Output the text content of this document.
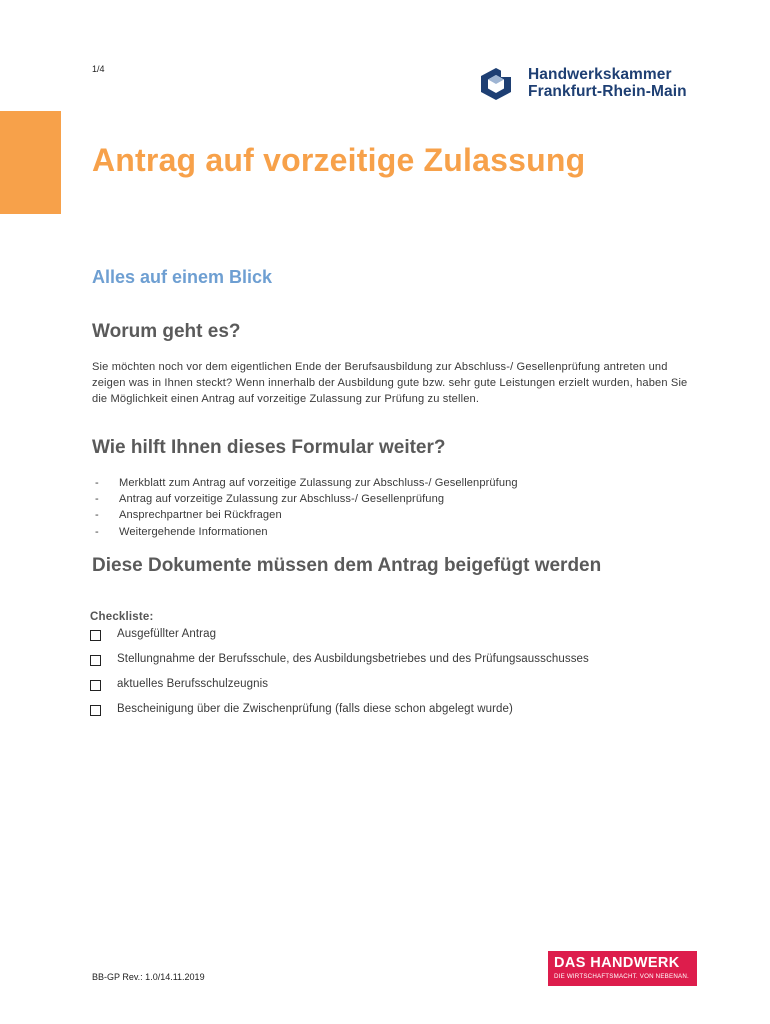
1/4	Handwerkskammer
Frankfurt-Rhein-Main
Antrag auf vorzeitige Zulassung
Alles auf einem Blick
Worum geht es?

Sie möchten noch vor dem eigentlichen Ende der Berufsausbildung zur Abschluss-/ Gesellenprüfung antreten und zeigen was in Ihnen steckt? Wenn innerhalb der Ausbildung gute bzw. sehr gute Leistungen erzielt wurden, haben Sie die Möglichkeit einen Antrag auf vorzeitige Zulassung zur Prüfung zu stellen.

Wie hilft Ihnen dieses Formular weiter?
- Merkblatt zum Antrag auf vorzeitige Zulassung zur Abschluss-/ Gesellenprüfung
- Antrag auf vorzeitige Zulassung zur Abschluss-/ Gesellenprüfung
- Ansprechpartner bei Rückfragen
- Weitergehende Informationen
Diese Dokumente müssen dem Antrag beigefügt werden
Checkliste:
Ausgefüllter Antrag
Stellungnahme der Berufsschule, des Ausbildungsbetriebes und des Prüfungsausschusses
aktuelles Berufsschulzeugnis
Bescheinigung über die Zwischenprüfung (falls diese schon abgelegt wurde)
BB-GP Rev.: 1.0/14.11.2019
DAS HANDWERK
DIE WIRTSCHAFTSMACHT. VON NEBENAN.
